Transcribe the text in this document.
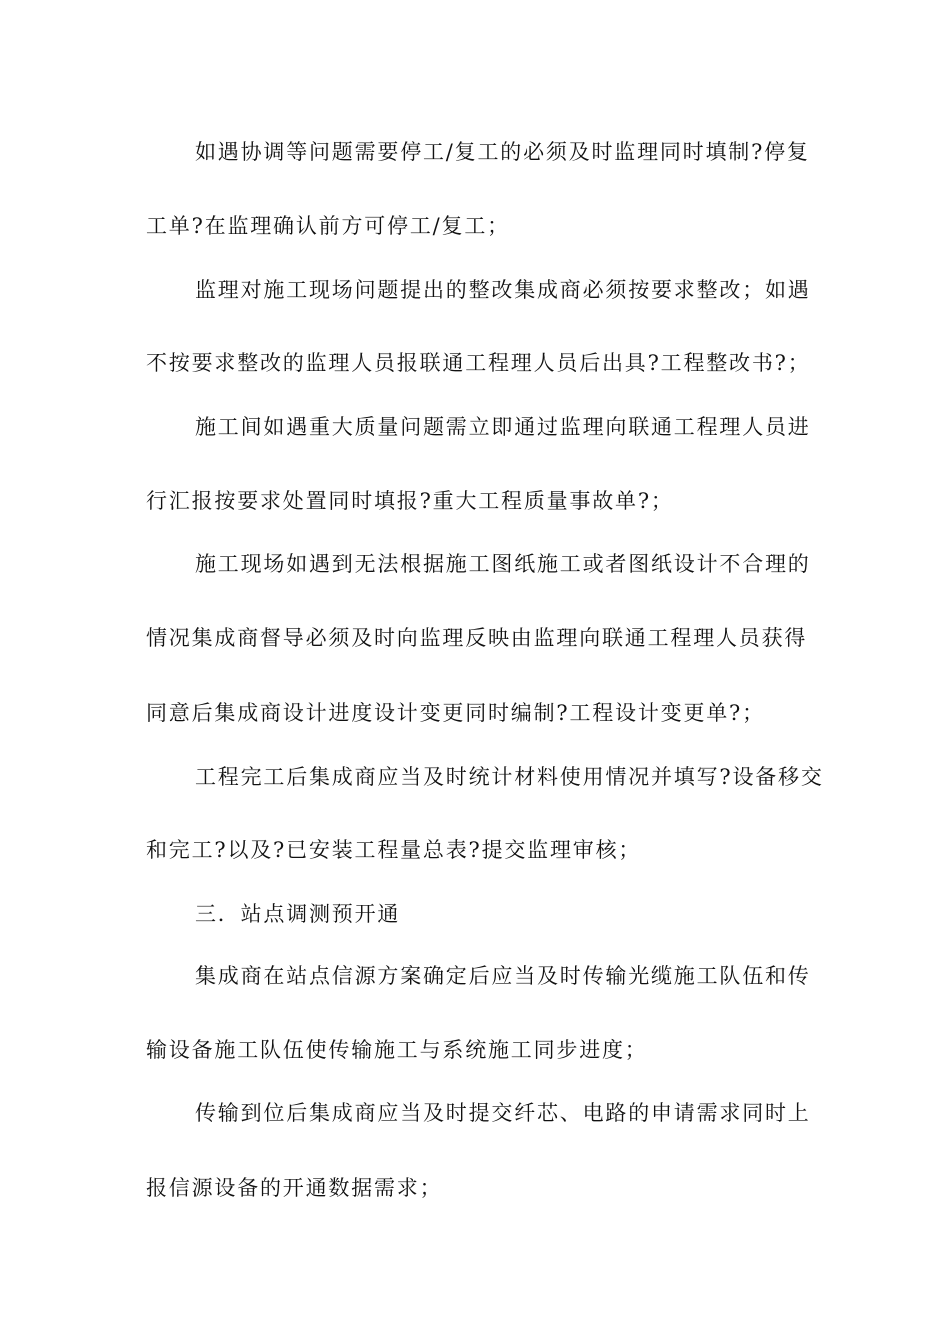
如遇协调等问题需要停工/复工的必须及时监理同时填制?停复
工单?在监理确认前方可停工/复工；
监理对施工现场问题提出的整改集成商必须按要求整改；如遇
不按要求整改的监理人员报联通工程理人员后出具?工程整改书?；
施工间如遇重大质量问题需立即通过监理向联通工程理人员进
行汇报按要求处置同时填报?重大工程质量事故单?；
施工现场如遇到无法根据施工图纸施工或者图纸设计不合理的
情况集成商督导必须及时向监理反映由监理向联通工程理人员获得
同意后集成商设计进度设计变更同时编制?工程设计变更单?；
工程完工后集成商应当及时统计材料使用情况并填写?设备移交
和完工?以及?已安装工程量总表?提交监理审核；
三．站点调测预开通
集成商在站点信源方案确定后应当及时传输光缆施工队伍和传
输设备施工队伍使传输施工与系统施工同步进度；
传输到位后集成商应当及时提交纤芯、电路的申请需求同时上
报信源设备的开通数据需求；
